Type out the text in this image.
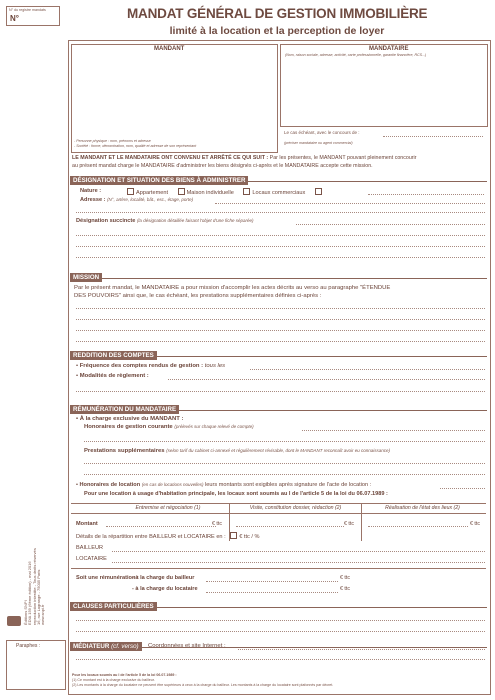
N° du registre mandats
N°	MANDAT GÉNÉRAL DE GESTION IMMOBILIÈRE
limité à la location et la perception de loyer
MANDANT
- Personne physique : nom, prénoms et adresse
- Société : forme, dénomination, nom, qualité et adresse de son représentant
MANDATAIRE
(Nom, raison sociale, adresse, activité, carte professionnelle, garantie financière, RCS...)
Le cas échéant, avec le concours de :
(préciser mandataire ou agent commercial)
LE MANDANT ET LE MANDATAIRE ONT CONVENU ET ARRÊTÉ CE QUI SUIT : Par les présentes, le MANDANT pouvant pleinement concourir
au présent mandat charge le MANDATAIRE d'administrer les biens désignés ci-après et le MANDATAIRE accepte cette mission.
DÉSIGNATION ET SITUATION DES BIENS À ADMINISTRER
Nature :	Appartement	Maison individuelle	Locaux commerciaux
Adresse : (N°, artère, localité, bât., esc., étage, porte)
Désignation succincte (la désignation détaillée faisant l'objet d'une fiche séparée)
MISSION
Par le présent mandat, le MANDATAIRE a pour mission d'accomplir les actes décrits au verso au paragraphe "ÉTENDUE
DES POUVOIRS" ainsi que, le cas échéant, les prestations supplémentaires définies ci-après :
REDDITION DES COMPTES
• Fréquence des comptes rendus de gestion : tous les
• Modalités de règlement :
RÉMUNÉRATION DU MANDATAIRE
• À la charge exclusive du MANDANT :
Honoraires de gestion courante (prélevés sur chaque relevé de compte)
Prestations supplémentaires (selon tarif du cabinet ci-annexé et régulièrement révisable, dont le MANDANT reconnaît avoir eu connaissance)
• Honoraires de location (en cas de locations nouvelles) leurs montants sont exigibles après signature de l'acte de location :
Pour une location à usage d'habitation principale, les locaux sont soumis au I de l'article 5 de la loi du 06.07.1989 :
Entremise et négociation (1)	Visite, constitution dossier, rédaction (2)	Réalisation de l'état des lieux (2)
Montant	€ ttc	€ ttc	€ ttc
Détails de la répartition entre BAILLEUR et LOCATAIRE en : € ttc / %
BAILLEUR
LOCATAIRE
Soit une rémunération :
- à la charge du bailleur	€ ttc
- à la charge du locataire	€ ttc
CLAUSES PARTICULIÈRES
MÉDIATEUR (cf. verso)	Coordonnées et site Internet :
Pour les locaux soumis au I de l'article 5 de la loi 06.07.1989 :
(1) Ce montant est à la charge exclusive du bailleur.
(2) Les montants à la charge du locataire ne peuvent être supérieurs à ceux à la charge du bailleur. Les montants à la charge du locataire sont plafonnés par décret.
Paraphes :
Éditions SNPI EDIA 159 (6ème édition) - mai 2016 reproduction interdite - Tous droits réservés 16, rue Lagrange - 75005 Paris www.snpi.fr
